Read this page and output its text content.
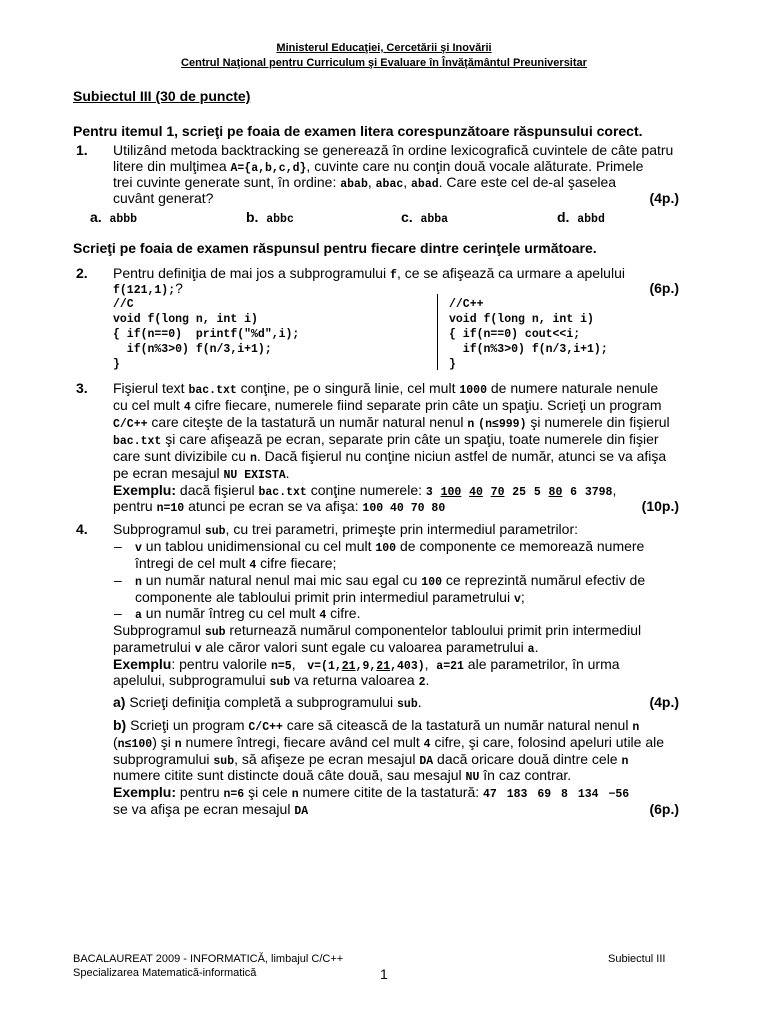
Ministerul Educaţiei, Cercetării şi Inovării
Centrul Naţional pentru Curriculum şi Evaluare în Învăţământul Preuniversitar
Subiectul III (30 de puncte)
Pentru itemul 1, scrieţi pe foaia de examen litera corespunzătoare răspunsului corect.
1. Utilizând metoda backtracking se generează în ordine lexicografică cuvintele de câte patru
litere din mulţimea A={a,b,c,d}, cuvinte care nu conţin două vocale alăturate. Primele
trei cuvinte generate sunt, în ordine: abab, abac, abad. Care este cel de-al şaselea
cuvânt generat?	(4p.)
a. abbb	b. abbc	c. abba	d. abbd
Scrieţi pe foaia de examen răspunsul pentru fiecare dintre cerinţele următoare.
2. Pentru definiţia de mai jos a subprogramului f, ce se afişează ca urmare a apelului
f(121,1);?	(6p.)
//C
void f(long n, int i)
{ if(n==0)  printf("%d",i);
if(n%3>0) f(n/3,i+1);
}
//C++
void f(long n, int i)
{ if(n==0) cout<<i;
if(n%3>0) f(n/3,i+1);
}
3. Fişierul text bac.txt conţine, pe o singură linie, cel mult 1000 de numere naturale nenule
cu cel mult 4 cifre fiecare, numerele fiind separate prin câte un spaţiu. Scrieţi un program
C/C++ care citeşte de la tastatură un număr natural nenul n (n≤999) şi numerele din fişierul
bac.txt şi care afişează pe ecran, separate prin câte un spaţiu, toate numerele din fişier
care sunt divizibile cu n. Dacă fişierul nu conţine niciun astfel de număr, atunci se va afişa
pe ecran mesajul NU EXISTA.
Exemplu: dacă fişierul bac.txt conţine numerele: 3 100 40 70 25 5 80 6 3798,
pentru n=10 atunci pe ecran se va afişa: 100 40 70 80	(10p.)
4. Subprogramul sub, cu trei parametri, primeşte prin intermediul parametrilor:
– v un tablou unidimensional cu cel mult 100 de componente ce memorează numere
întregi de cel mult 4 cifre fiecare;
– n un număr natural nenul mai mic sau egal cu 100 ce reprezintă numărul efectiv de
componente ale tabloului primit prin intermediul parametrului v;
– a un număr întreg cu cel mult 4 cifre.
Subprogramul sub returnează numărul componentelor tabloului primit prin intermediul
parametrului v ale căror valori sunt egale cu valoarea parametrului a.
Exemplu: pentru valorile n=5,   v=(1,21,9,21,403),  a=21 ale parametrilor, în urma
apelului, subprogramului sub va returna valoarea 2.
a) Scrieţi definiţia completă a subprogramului sub.	(4p.)
b) Scrieţi un program C/C++ care să citească de la tastatură un număr natural nenul n
(n≤100) şi n numere întregi, fiecare având cel mult 4 cifre, şi care, folosind apeluri utile ale
subprogramului sub, să afişeze pe ecran mesajul DA dacă oricare două dintre cele n
numere citite sunt distincte două câte două, sau mesajul NU în caz contrar.
Exemplu: pentru n=6 şi cele n numere citite de la tastatură: 47 183 69 8 134 −56
se va afişa pe ecran mesajul DA	(6p.)
BACALAUREAT 2009 - INFORMATICĂ, limbajul C/C++
Specializarea Matematică-informatică
Subiectul III
1
